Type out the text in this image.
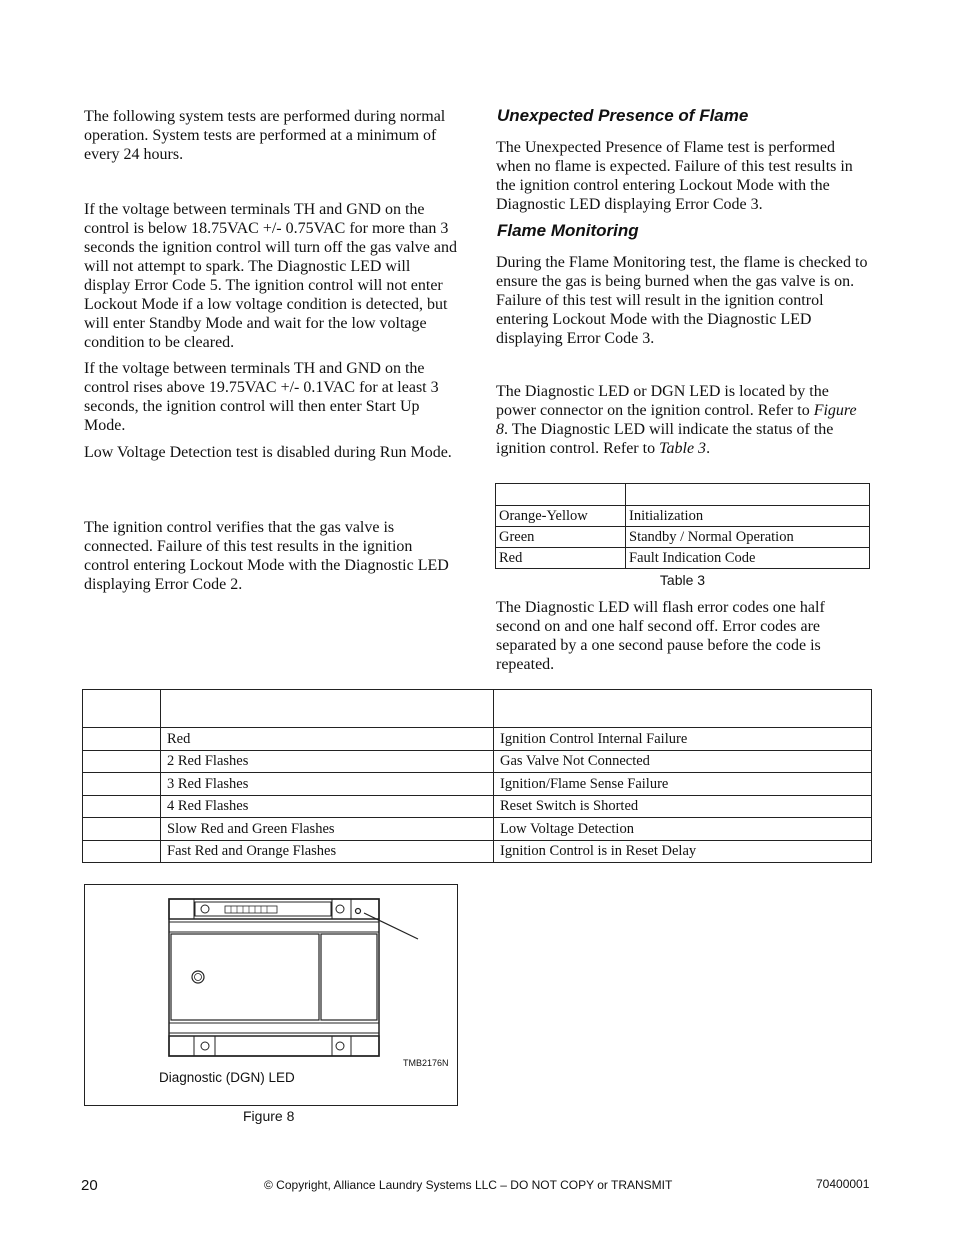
The following system tests are performed during normal operation. System tests are performed at a minimum of every 24 hours.

If the voltage between terminals TH and GND on the control is below 18.75VAC +/- 0.75VAC for more than 3 seconds the ignition control will turn off the gas valve and will not attempt to spark. The Diagnostic LED will display Error Code 5. The ignition control will not enter Lockout Mode if a low voltage condition is detected, but will enter Standby Mode and wait for the low voltage condition to be cleared.

If the voltage between terminals TH and GND on the control rises above 19.75VAC +/- 0.1VAC for at least 3 seconds, the ignition control will then enter Start Up Mode.

Low Voltage Detection test is disabled during Run Mode.

The ignition control verifies that the gas valve is connected. Failure of this test results in the ignition control entering Lockout Mode with the Diagnostic LED displaying Error Code 2.

Unexpected Presence of Flame

The Unexpected Presence of Flame test is performed when no flame is expected. Failure of this test results in the ignition control entering Lockout Mode with the Diagnostic LED displaying Error Code 3.

Flame Monitoring

During the Flame Monitoring test, the flame is checked to ensure the gas is being burned when the gas valve is on. Failure of this test will result in the ignition control entering Lockout Mode with the Diagnostic LED displaying Error Code 3.

The Diagnostic LED or DGN LED is located by the power connector on the ignition control. Refer to Figure 8. The Diagnostic LED will indicate the status of the ignition control. Refer to Table 3.

Orange-Yellow	Initialization
Green	Standby / Normal Operation
Red	Fault Indication Code
Table 3

The Diagnostic LED will flash error codes one half second on and one half second off. Error codes are separated by a one second pause before the code is repeated.

	Red	Ignition Control Internal Failure
	2 Red Flashes	Gas Valve Not Connected
	3 Red Flashes	Ignition/Flame Sense Failure
	4 Red Flashes	Reset Switch is Shorted
	Slow Red and Green Flashes	Low Voltage Detection
	Fast Red and Orange Flashes	Ignition Control is in Reset Delay
TMB2176N
Diagnostic (DGN) LED
Figure 8
20	© Copyright, Alliance Laundry Systems LLC – DO NOT COPY or TRANSMIT	70400001
